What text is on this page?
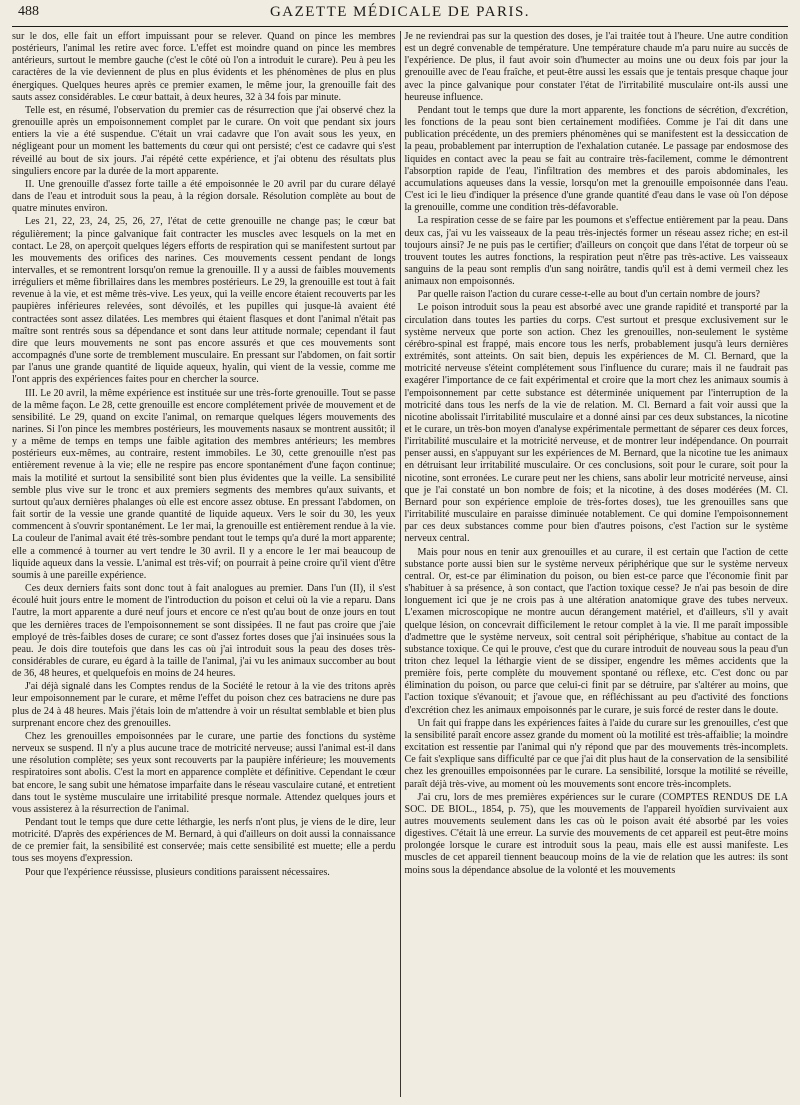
488	GAZETTE MÉDICALE DE PARIS.

sur le dos, elle fait un effort impuissant pour se relever. Quand on pince les membres postérieurs, l'animal les retire avec force. L'effet est moindre quand on pince les membres antérieurs, surtout le membre gauche (c'est le côté où l'on a introduit le curare). Peu à peu les caractères de la vie deviennent de plus en plus évidents et les phénomènes de plus en plus énergiques. Quelques heures après ce premier examen, le même jour, la grenouille fait des sauts assez considérables. Le cœur battait, à deux heures, 32 à 34 fois par minute.

Telle est, en résumé, l'observation du premier cas de résurrection que j'ai observé chez la grenouille après un empoisonnement complet par le curare. On voit que pendant six jours entiers la vie a été suspendue. C'était un vrai cadavre que l'on avait sous les yeux, en négligeant pour un moment les battements du cœur qui ont persisté; c'est ce cadavre qui s'est réveillé au bout de six jours. J'ai répété cette expérience, et j'ai obtenu des résultats plus singuliers encore par la durée de la mort apparente.

II. Une grenouille d'assez forte taille a été empoisonnée le 20 avril par du curare délayé dans de l'eau et introduit sous la peau, à la région dorsale. Résolution complète au bout de quatre minutes environ.

Les 21, 22, 23, 24, 25, 26, 27, l'état de cette grenouille ne change pas; le cœur bat régulièrement; la pince galvanique fait contracter les muscles avec lesquels on la met en contact. Le 28, on aperçoit quelques légers efforts de respiration qui se manifestent surtout par les mouvements des orifices des narines. Ces mouvements cessent pendant de longs intervalles, et se remontrent lorsqu'on remue la grenouille. Il y a aussi de faibles mouvements irréguliers et même fibrillaires dans les membres postérieurs. Le 29, la grenouille est tout à fait revenue à la vie, et est même très-vive. Les yeux, qui la veille encore étaient recouverts par les paupières inférieures relevées, sont dévoilés, et les pupilles qui jusque-là avaient été contractées sont assez dilatées. Les membres qui étaient flasques et dont l'animal n'était pas maître sont rentrés sous sa dépendance et sont dans leur attitude normale; cependant il faut dire que leurs mouvements ne sont pas encore assurés et que ces mouvements sont accompagnés d'une sorte de tremblement musculaire. En pressant sur l'abdomen, on fait sortir par l'anus une grande quantité de liquide aqueux, hyalin, qui vient de la vessie, comme me l'ont appris des expériences faites pour en chercher la source.

III. Le 20 avril, la même expérience est instituée sur une très-forte grenouille. Tout se passe de la même façon. Le 28, cette grenouille est encore complétement privée de mouvement et de sensibilité. Le 29, quand on excite l'animal, on remarque quelques légers mouvements des narines. Si l'on pince les membres postérieurs, les mouvements nasaux se montrent aussitôt; il y a même de temps en temps une faible agitation des membres antérieurs; les membres postérieurs eux-mêmes, au contraire, restent immobiles. Le 30, cette grenouille n'est pas entièrement revenue à la vie; elle ne respire pas encore spontanément d'une façon continue; mais la motilité et surtout la sensibilité sont bien plus évidentes que la veille. La sensibilité semble plus vive sur le tronc et aux premiers segments des membres qu'aux suivants, et surtout qu'aux dernières phalanges où elle est encore assez obtuse. En pressant l'abdomen, on fait sortir de la vessie une grande quantité de liquide aqueux. Vers le soir du 30, les yeux commencent à s'ouvrir spontanément. Le 1er mai, la grenouille est entièrement rendue à la vie. La couleur de l'animal avait été très-sombre pendant tout le temps qu'a duré la mort apparente; elle a commencé à tourner au vert tendre le 30 avril. Il y a encore le 1er mai beaucoup de liquide aqueux dans la vessie. L'animal est très-vif; on pourrait à peine croire qu'il vient d'être soumis à une pareille expérience.

Ces deux derniers faits sont donc tout à fait analogues au premier. Dans l'un (II), il s'est écoulé huit jours entre le moment de l'introduction du poison et celui où la vie a reparu. Dans l'autre, la mort apparente a duré neuf jours et encore ce n'est qu'au bout de onze jours en tout que les dernières traces de l'empoisonnement se sont dissipées. Il ne faut pas croire que j'aie employé de très-faibles doses de curare; ce sont d'assez fortes doses que j'ai insinuées sous la peau. Je dois dire toutefois que dans les cas où j'ai introduit sous la peau des doses très-considérables de curare, eu égard à la taille de l'animal, j'ai vu les animaux succomber au bout de 36, 48 heures, et quelquefois en moins de 24 heures.

J'ai déjà signalé dans les Comptes rendus de la Société le retour à la vie des tritons après leur empoisonnement par le curare, et même l'effet du poison chez ces batraciens ne dure pas plus de 24 à 48 heures. Mais j'étais loin de m'attendre à voir un résultat semblable et bien plus surprenant encore chez des grenouilles.

Chez les grenouilles empoisonnées par le curare, une partie des fonctions du système nerveux se suspend. Il n'y a plus aucune trace de motricité nerveuse; aussi l'animal est-il dans une résolution complète; ses yeux sont recouverts par la paupière inférieure; les mouvements respiratoires sont abolis. C'est la mort en apparence complète et définitive. Cependant le cœur bat encore, le sang subit une hématose imparfaite dans le réseau vasculaire cutané, et entretient dans tout le système musculaire une irritabilité presque normale. Attendez quelques jours et vous assisterez à la résurrection de l'animal.

Pendant tout le temps que dure cette léthargie, les nerfs n'ont plus, je viens de le dire, leur motricité. D'après des expériences de M. Bernard, à qui d'ailleurs on doit aussi la connaissance de ce premier fait, la sensibilité est conservée; mais cette sensibilité est muette; elle a perdu tous ses moyens d'expression.

Pour que l'expérience réussisse, plusieurs conditions paraissent nécessaires.

Je ne reviendrai pas sur la question des doses, je l'ai traitée tout à l'heure. Une autre condition est un degré convenable de température. Une température chaude m'a paru nuire au succès de l'expérience. De plus, il faut avoir soin d'humecter au moins une ou deux fois par jour la grenouille avec de l'eau fraîche, et peut-être aussi les essais que je tentais presque chaque jour avec la pince galvanique pour constater l'état de l'irritabilité musculaire ont-ils aussi une heureuse influence.

Pendant tout le temps que dure la mort apparente, les fonctions de sécrétion, d'excrétion, les fonctions de la peau sont bien certainement modifiées. Comme je l'ai dit dans une publication précédente, un des premiers phénomènes qui se manifestent est la dessiccation de la peau, probablement par interruption de l'exhalation cutanée. Le passage par endosmose des liquides en contact avec la peau se fait au contraire très-facilement, comme le démontrent l'absorption rapide de l'eau, l'infiltration des membres et des parois abdominales, les accumulations aqueuses dans la vessie, lorsqu'on met la grenouille empoisonnée dans l'eau. C'est ici le lieu d'indiquer la présence d'une grande quantité d'eau dans le vase où l'on dépose la grenouille, comme une condition très-défavorable.

La respiration cesse de se faire par les poumons et s'effectue entièrement par la peau. Dans deux cas, j'ai vu les vaisseaux de la peau très-injectés former un réseau assez riche; en est-il toujours ainsi? Je ne puis pas le certifier; d'ailleurs on conçoit que dans l'état de torpeur où se trouvent toutes les autres fonctions, la respiration peut n'être pas très-active. Les vaisseaux sanguins de la peau sont remplis d'un sang noirâtre, tandis qu'il est à demi vermeil chez les animaux non empoisonnés.

Par quelle raison l'action du curare cesse-t-elle au bout d'un certain nombre de jours?

Le poison introduit sous la peau est absorbé avec une grande rapidité et transporté par la circulation dans toutes les parties du corps. C'est surtout et presque exclusivement sur le système nerveux que porte son action. Chez les grenouilles, non-seulement le système cérébro-spinal est frappé, mais encore tous les nerfs, probablement jusqu'à leurs dernières extrémités, sont atteints. On sait bien, depuis les expériences de M. Cl. Bernard, que la motricité nerveuse s'éteint complétement sous l'influence du curare; mais il ne faudrait pas exagérer l'importance de ce fait expérimental et croire que la mort chez les animaux soumis à l'empoisonnement par cette substance est déterminée uniquement par l'interruption de la motricité dans tous les nerfs de la vie de relation. M. Cl. Bernard a fait voir aussi que la nicotine abolissait l'irritabilité musculaire et a donné ainsi par ces deux substances, la nicotine et le curare, un très-bon moyen d'analyse expérimentale permettant de séparer ces deux forces, l'irritabilité musculaire et la motricité nerveuse, et de montrer leur indépendance. On pourrait penser aussi, en s'appuyant sur les expériences de M. Bernard, que la nicotine tue les animaux en détruisant leur irritabilité musculaire. Or ces conclusions, soit pour le curare, soit pour la nicotine, sont erronées. Le curare peut ner les chiens, sans abolir leur motricité nerveuse, ainsi que je l'ai constaté un bon nombre de fois; et la nicotine, à des doses modérées (M. Cl. Bernard pour son expérience emploie de très-fortes doses), tue les grenouilles sans que l'irritabilité musculaire en paraisse diminuée notablement. Ce qui domine l'empoisonnement par ces deux substances comme pour bien d'autres poisons, c'est l'action sur le système nerveux central.

Mais pour nous en tenir aux grenouilles et au curare, il est certain que l'action de cette substance porte aussi bien sur le système nerveux périphérique que sur le système nerveux central. Or, est-ce par élimination du poison, ou bien est-ce parce que l'économie finit par s'habituer à sa présence, à son contact, que l'action toxique cesse? Je n'ai pas besoin de dire longuement ici que je ne crois pas à une altération anatomique grave des tubes nerveux. L'examen microscopique ne montre aucun dérangement matériel, et d'ailleurs, s'il y avait quelque lésion, on concevrait difficilement le retour complet à la vie. Il me paraît impossible d'admettre que le système nerveux, soit central soit périphérique, s'habitue au contact de la substance toxique. Ce qui le prouve, c'est que du curare introduit de nouveau sous la peau d'un triton chez lequel la léthargie vient de se dissiper, engendre les mêmes accidents que la première fois, perte complète du mouvement spontané ou réflexe, etc. C'est donc ou par élimination du poison, ou parce que celui-ci finit par se détruire, par s'altérer au moins, que l'action toxique s'évanouit; et j'avoue que, en réfléchissant au peu d'activité des fonctions d'excrétion chez les animaux empoisonnés par le curare, je suis forcé de rester dans le doute.

Un fait qui frappe dans les expériences faites à l'aide du curare sur les grenouilles, c'est que la sensibilité paraît encore assez grande du moment où la motilité est très-affaiblie; la moindre excitation est ressentie par l'animal qui n'y répond que par des mouvements très-incomplets. Ce fait s'explique sans difficulté par ce que j'ai dit plus haut de la conservation de la sensibilité chez les grenouilles empoisonnées par le curare. La sensibilité, lorsque la motilité se réveille, paraît déjà très-vive, au moment où les mouvements sont encore très-incomplets.

J'ai cru, lors de mes premières expériences sur le curare (COMPTES RENDUS DE LA SOC. DE BIOL., 1854, p. 75), que les mouvements de l'appareil hyoïdien survivaient aux autres mouvements seulement dans les cas où le poison avait été absorbé par les voies digestives. C'était là une erreur. La survie des mouvements de cet appareil est peut-être moins prolongée lorsque le curare est introduit sous la peau, mais elle est aussi manifeste. Les muscles de cet appareil tiennent beaucoup moins de la vie de relation que les autres: ils sont moins sous la dépendance absolue de la volonté et les mouvements
